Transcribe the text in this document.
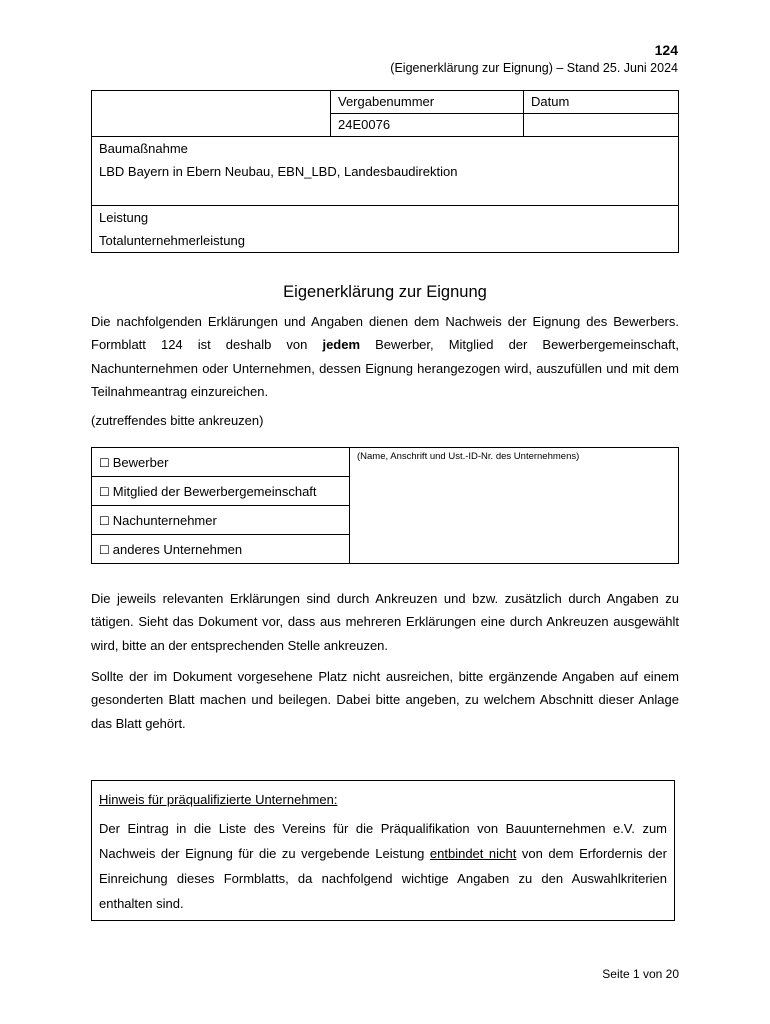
124
(Eigenerklärung zur Eignung) – Stand 25. Juni 2024
	Vergabenummer	Datum
	24E0076	

Baumaßnahme
LBD Bayern in Ebern Neubau, EBN_LBD, Landesbaudirektion		

Leistung
Totalunternehmerleistung		
Eigenerklärung zur Eignung
Die nachfolgenden Erklärungen und Angaben dienen dem Nachweis der Eignung des Bewerbers. Formblatt 124 ist deshalb von jedem Bewerber, Mitglied der Bewerbergemeinschaft, Nachunternehmen oder Unternehmen, dessen Eignung herangezogen wird, auszufüllen und mit dem Teilnahmeantrag einzureichen.
(zutreffendes bitte ankreuzen)
☐ Bewerber	(Name, Anschrift und Ust.-ID-Nr. des Unternehmens)
☐ Mitglied der Bewerbergemeinschaft
☐ Nachunternehmer
☐ anderes Unternehmen
Die jeweils relevanten Erklärungen sind durch Ankreuzen und bzw. zusätzlich durch Angaben zu tätigen. Sieht das Dokument vor, dass aus mehreren Erklärungen eine durch Ankreuzen ausgewählt wird, bitte an der entsprechenden Stelle ankreuzen.
Sollte der im Dokument vorgesehene Platz nicht ausreichen, bitte ergänzende Angaben auf einem gesonderten Blatt machen und beilegen. Dabei bitte angeben, zu welchem Abschnitt dieser Anlage das Blatt gehört.
Hinweis für präqualifizierte Unternehmen:
Der Eintrag in die Liste des Vereins für die Präqualifikation von Bauunternehmen e.V. zum Nachweis der Eignung für die zu vergebende Leistung entbindet nicht von dem Erfordernis der Einreichung dieses Formblatts, da nachfolgend wichtige Angaben zu den Auswahlkriterien enthalten sind.
Seite 1 von 20
